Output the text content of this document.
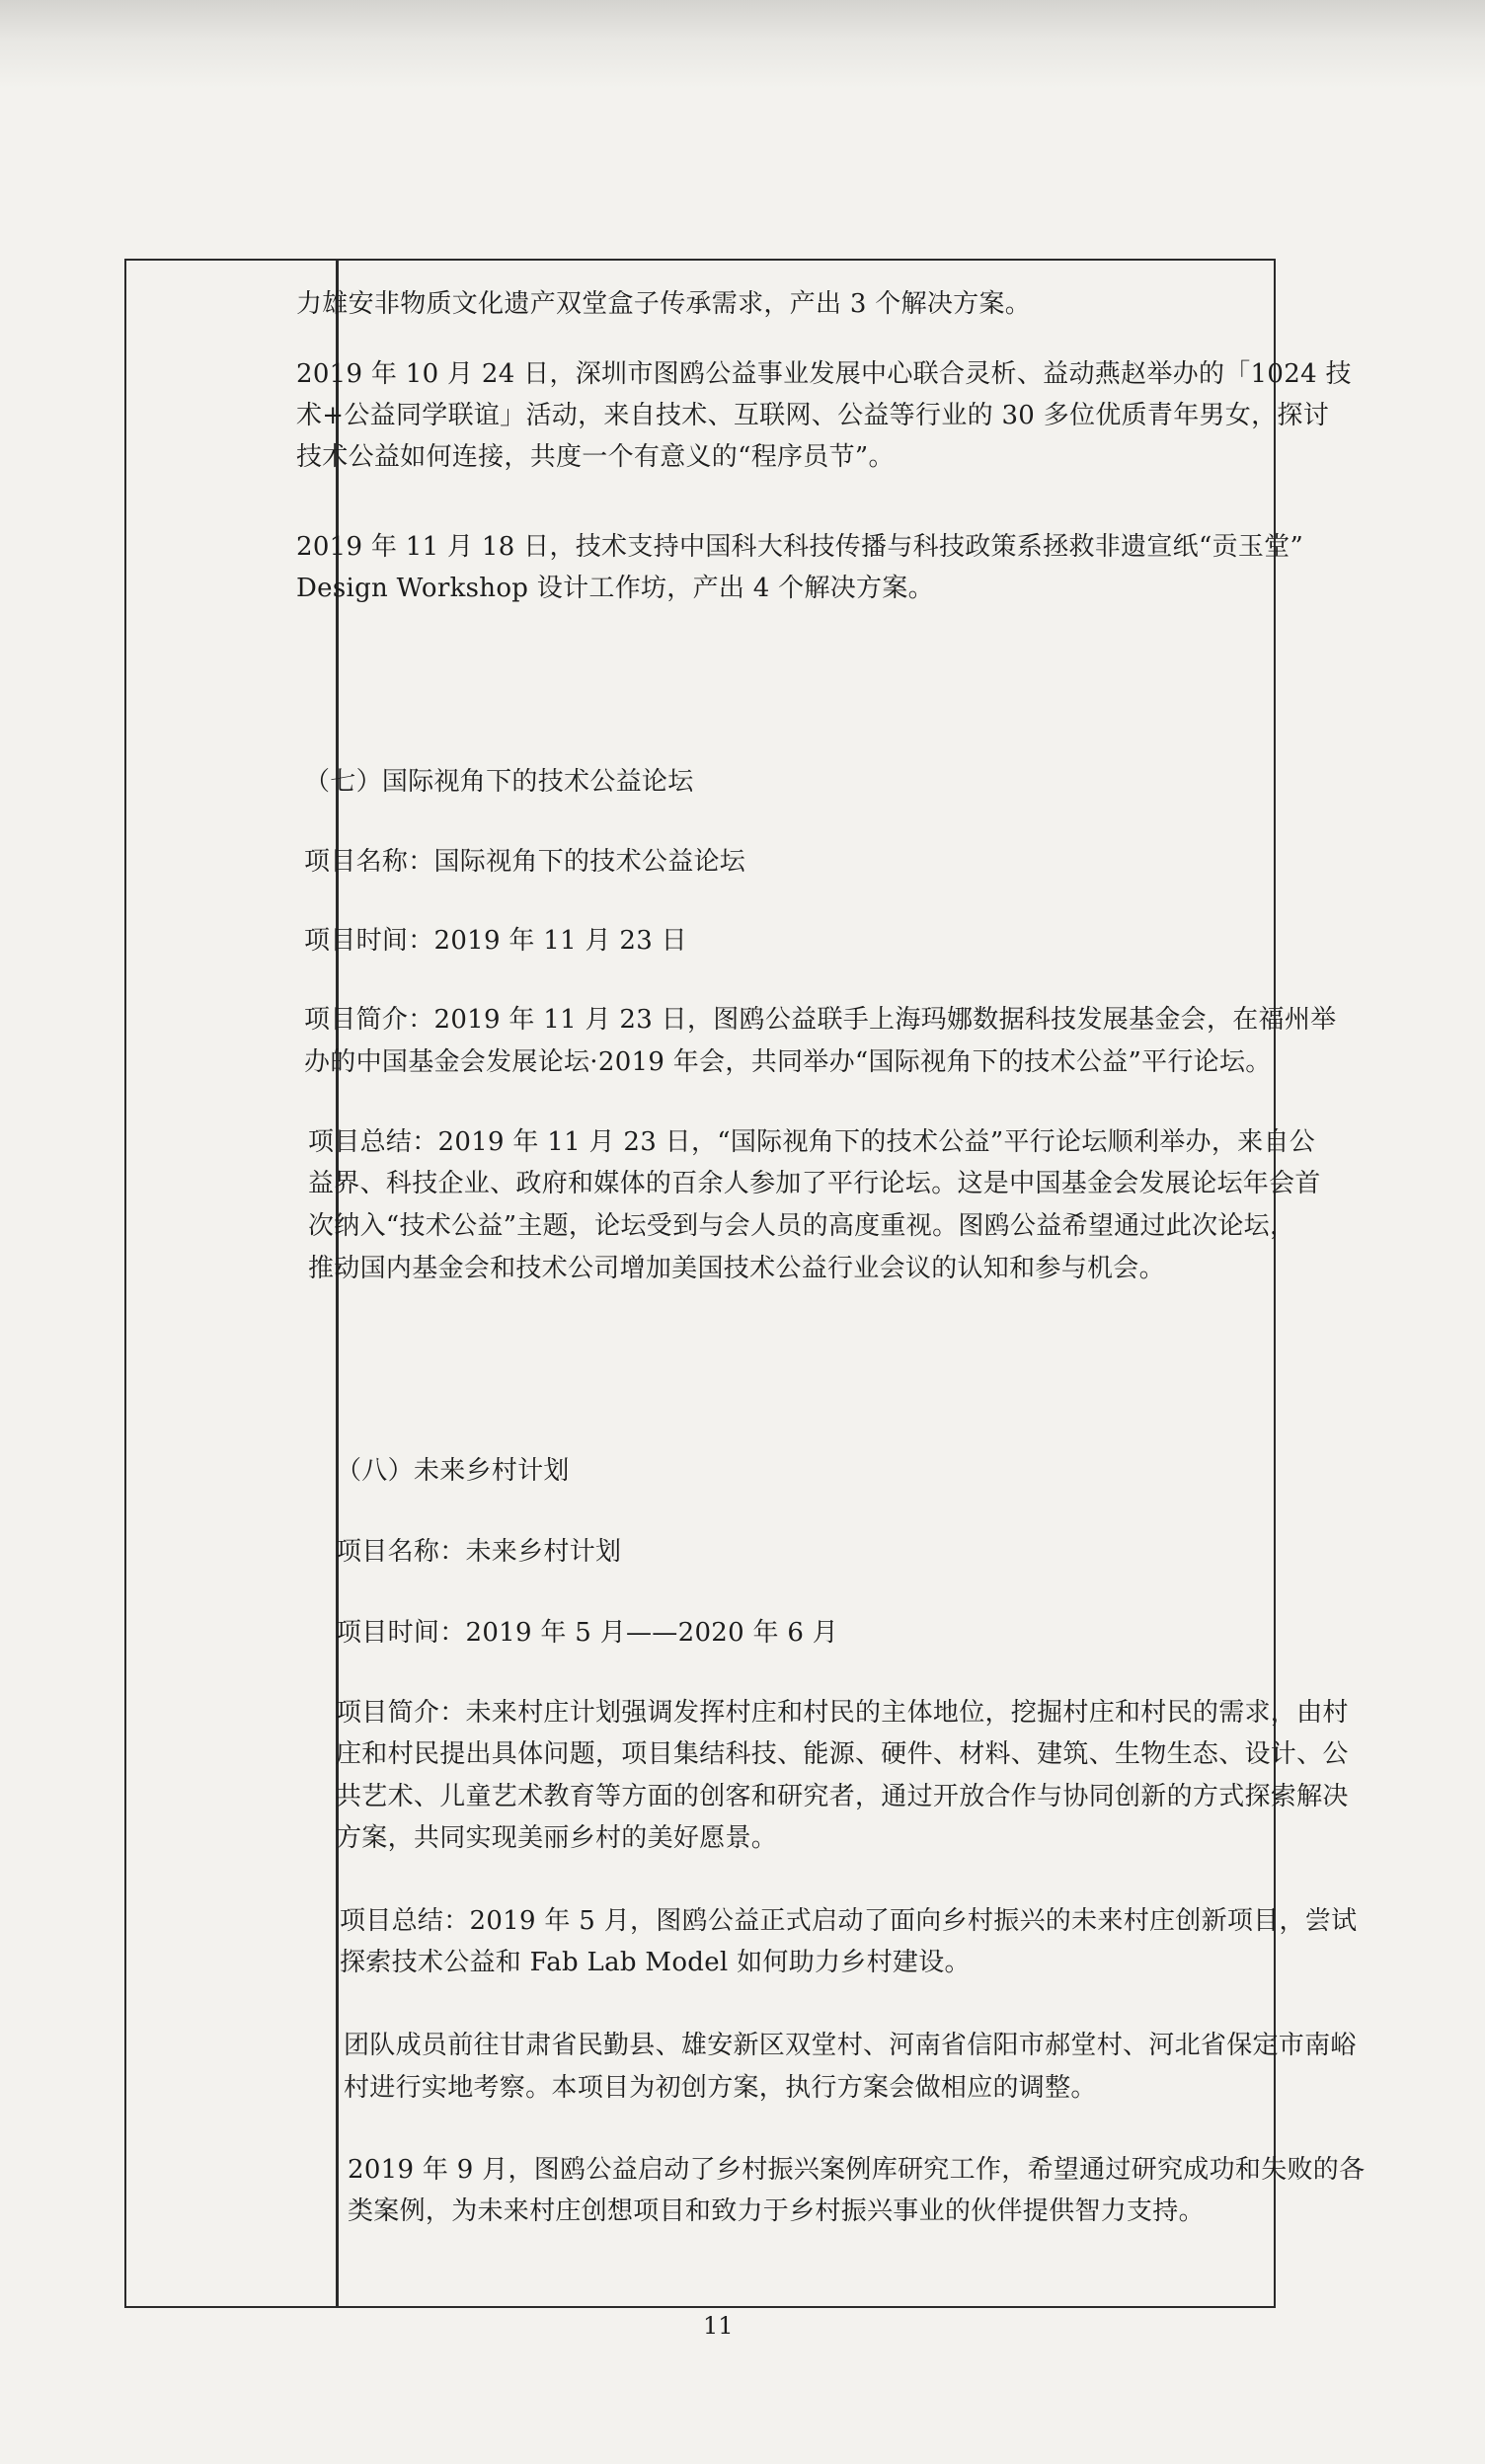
力雄安非物质文化遗产双堂盒子传承需求，产出 3 个解决方案。
2019 年 10 月 24 日，深圳市图鸥公益事业发展中心联合灵析、益动燕赵举办的「1024 技
术+公益同学联谊」活动，来自技术、互联网、公益等行业的 30 多位优质青年男女，探讨
技术公益如何连接，共度一个有意义的“程序员节”。
2019 年 11 月 18 日，技术支持中国科大科技传播与科技政策系拯救非遗宣纸“贡玉堂”
Design Workshop 设计工作坊，产出 4 个解决方案。
（七）国际视角下的技术公益论坛
项目名称：国际视角下的技术公益论坛
项目时间：2019 年 11 月 23 日
项目简介：2019 年 11 月 23 日，图鸥公益联手上海玛娜数据科技发展基金会，在福州举
办的中国基金会发展论坛·2019 年会，共同举办“国际视角下的技术公益”平行论坛。
项目总结：2019 年 11 月 23 日，“国际视角下的技术公益”平行论坛顺利举办，来自公
益界、科技企业、政府和媒体的百余人参加了平行论坛。这是中国基金会发展论坛年会首
次纳入“技术公益”主题，论坛受到与会人员的高度重视。图鸥公益希望通过此次论坛，
推动国内基金会和技术公司增加美国技术公益行业会议的认知和参与机会。
（八）未来乡村计划
项目名称：未来乡村计划
项目时间：2019 年 5 月——2020 年 6 月
项目简介：未来村庄计划强调发挥村庄和村民的主体地位，挖掘村庄和村民的需求，由村
庄和村民提出具体问题，项目集结科技、能源、硬件、材料、建筑、生物生态、设计、公
共艺术、儿童艺术教育等方面的创客和研究者，通过开放合作与协同创新的方式探索解决
方案，共同实现美丽乡村的美好愿景。
项目总结：2019 年 5 月，图鸥公益正式启动了面向乡村振兴的未来村庄创新项目，尝试
探索技术公益和 Fab Lab Model 如何助力乡村建设。
团队成员前往甘肃省民勤县、雄安新区双堂村、河南省信阳市郝堂村、河北省保定市南峪
村进行实地考察。本项目为初创方案，执行方案会做相应的调整。
2019 年 9 月，图鸥公益启动了乡村振兴案例库研究工作，希望通过研究成功和失败的各
类案例，为未来村庄创想项目和致力于乡村振兴事业的伙伴提供智力支持。
11
